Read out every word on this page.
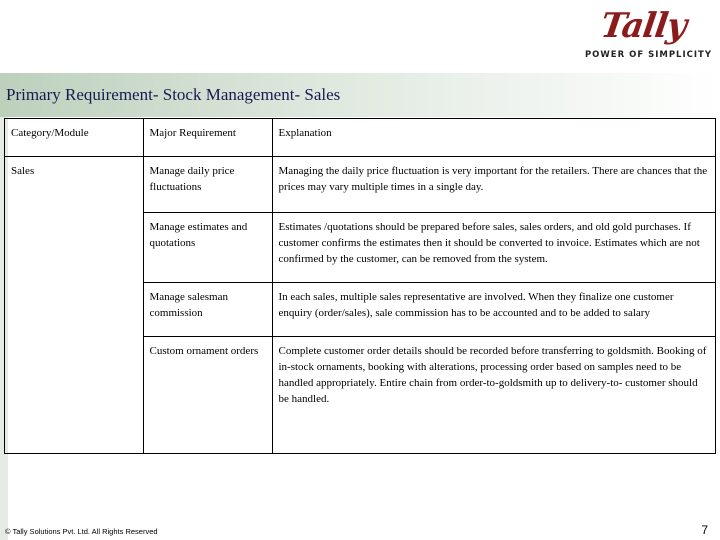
Tally
POWER OF SIMPLICITY
Primary Requirement- Stock Management- Sales
Category/Module	Major Requirement	Explanation
Sales	Manage daily price fluctuations	Managing the daily price fluctuation is very important for the retailers. There are chances that the prices may vary multiple times in a single day.
	Manage estimates and quotations	Estimates /quotations should be prepared before sales, sales orders, and old gold purchases. If customer confirms the estimates then it should be converted to invoice. Estimates which are not confirmed by the customer, can be removed from the system.
	Manage salesman commission	In each sales, multiple sales representative are involved. When they finalize one customer enquiry (order/sales), sale commission has to be accounted and to be added to salary
	Custom ornament orders	Complete customer order details should be recorded before transferring to goldsmith. Booking of in-stock ornaments, booking with alterations, processing order based on samples need to be handled appropriately. Entire chain from order-to-goldsmith up to delivery-to- customer should be handled.
© Tally Solutions Pvt. Ltd. All Rights Reserved	7
